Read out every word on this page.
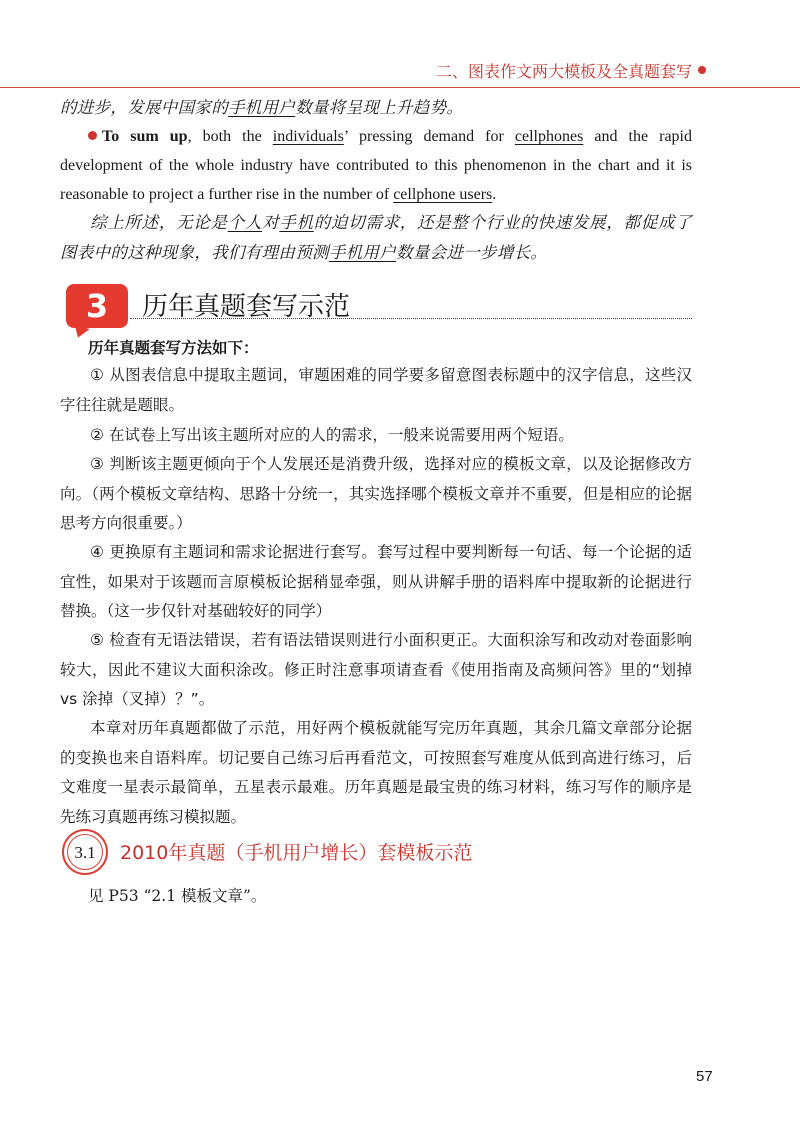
二、图表作文两大模板及全真题套写
的进步，发展中国家的手机用户数量将呈现上升趋势。
To sum up, both the individuals’ pressing demand for cellphones and the rapid development of the whole industry have contributed to this phenomenon in the chart and it is reasonable to project a further rise in the number of cellphone users.
综上所述，无论是个人对手机的迫切需求，还是整个行业的快速发展，都促成了图表中的这种现象，我们有理由预测手机用户数量会进一步增长。
3	历年真题套写示范
历年真题套写方法如下：
① 从图表信息中提取主题词，审题困难的同学要多留意图表标题中的汉字信息，这些汉字往往就是题眼。
② 在试卷上写出该主题所对应的人的需求，一般来说需要用两个短语。
③ 判断该主题更倾向于个人发展还是消费升级，选择对应的模板文章，以及论据修改方向。（两个模板文章结构、思路十分统一，其实选择哪个模板文章并不重要，但是相应的论据思考方向很重要。）
④ 更换原有主题词和需求论据进行套写。套写过程中要判断每一句话、每一个论据的适宜性，如果对于该题而言原模板论据稍显牵强，则从讲解手册的语料库中提取新的论据进行替换。（这一步仅针对基础较好的同学）
⑤ 检查有无语法错误，若有语法错误则进行小面积更正。大面积涂写和改动对卷面影响较大，因此不建议大面积涂改。修正时注意事项请查看《使用指南及高频问答》里的“划掉 vs 涂掉（叉掉）？”。
本章对历年真题都做了示范，用好两个模板就能写完历年真题，其余几篇文章部分论据的变换也来自语料库。切记要自己练习后再看范文，可按照套写难度从低到高进行练习，后文难度一星表示最简单，五星表示最难。历年真题是最宝贵的练习材料，练习写作的顺序是先练习真题再练习模拟题。
3.1	2010年真题（手机用户增长）套模板示范
见 P53 “2.1 模板文章”。
57
